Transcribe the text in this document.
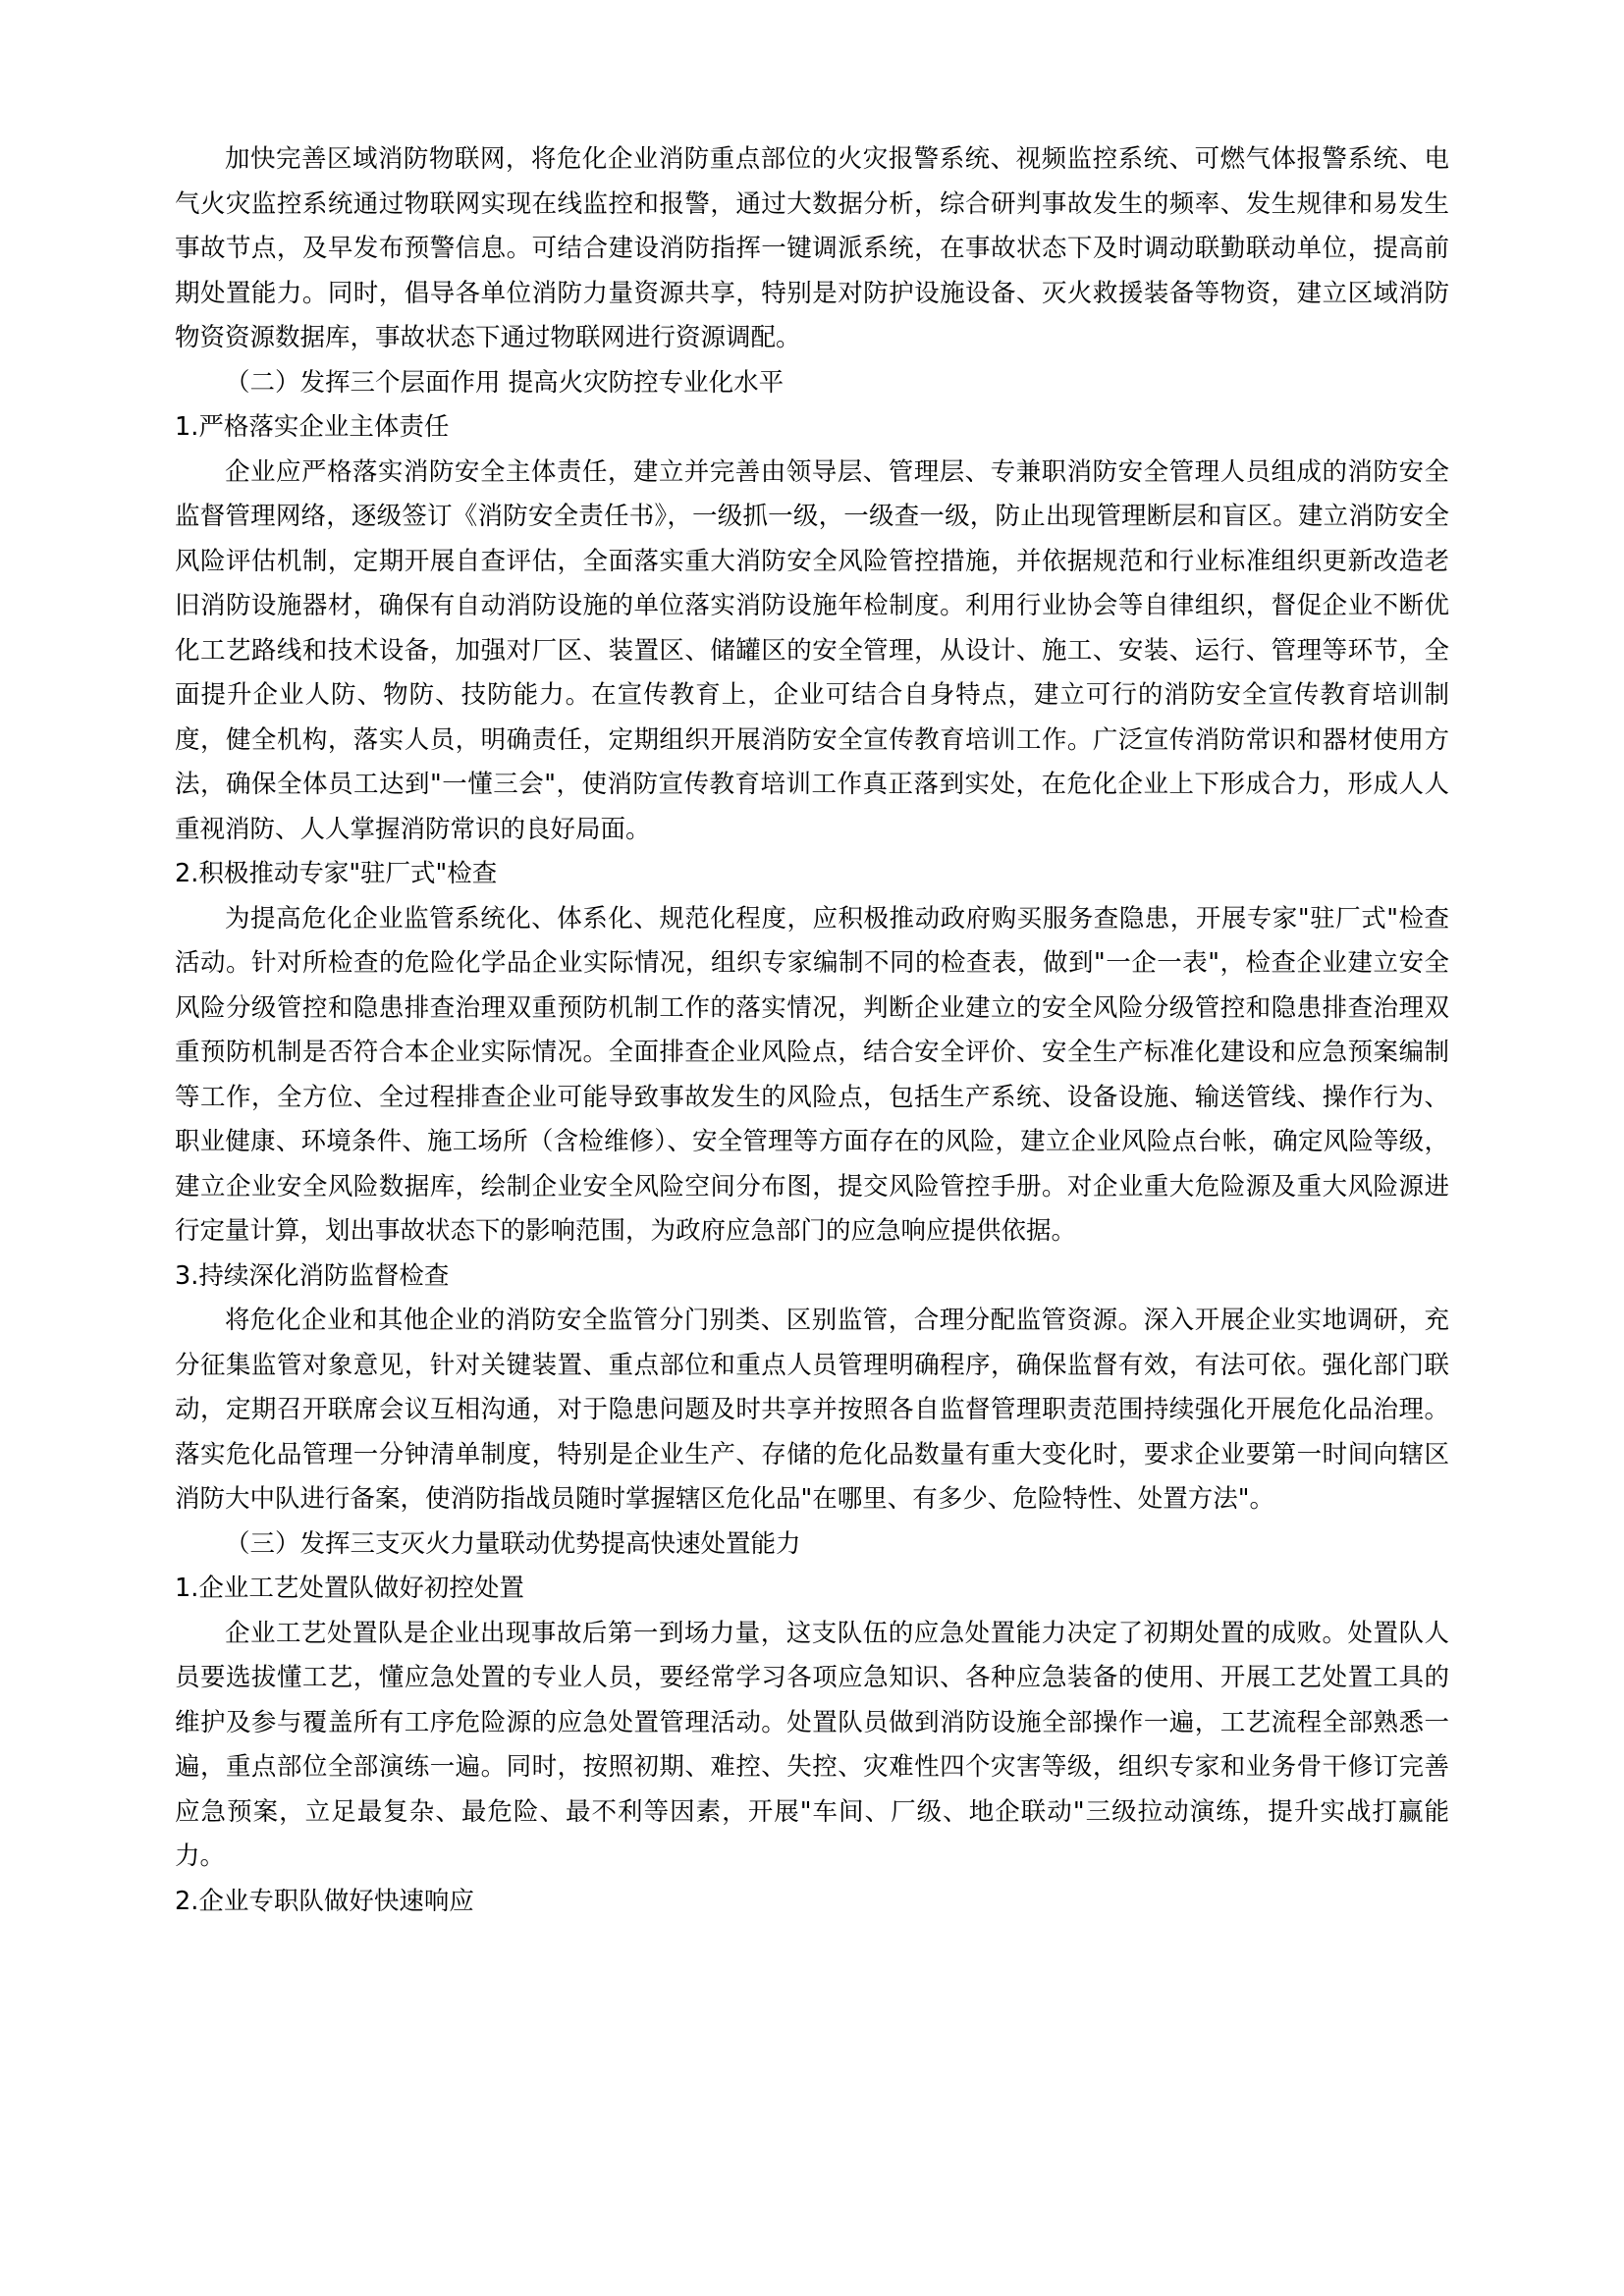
加快完善区域消防物联网，将危化企业消防重点部位的火灾报警系统、视频监控系统、可燃气体报警系统、电气火灾监控系统通过物联网实现在线监控和报警，通过大数据分析，综合研判事故发生的频率、发生规律和易发生事故节点，及早发布预警信息。可结合建设消防指挥一键调派系统，在事故状态下及时调动联勤联动单位，提高前期处置能力。同时，倡导各单位消防力量资源共享，特别是对防护设施设备、灭火救援装备等物资，建立区域消防物资资源数据库，事故状态下通过物联网进行资源调配。

（二）发挥三个层面作用 提高火灾防控专业化水平

1.严格落实企业主体责任

企业应严格落实消防安全主体责任，建立并完善由领导层、管理层、专兼职消防安全管理人员组成的消防安全监督管理网络，逐级签订《消防安全责任书》，一级抓一级，一级查一级，防止出现管理断层和盲区。建立消防安全风险评估机制，定期开展自查评估，全面落实重大消防安全风险管控措施，并依据规范和行业标准组织更新改造老旧消防设施器材，确保有自动消防设施的单位落实消防设施年检制度。利用行业协会等自律组织，督促企业不断优化工艺路线和技术设备，加强对厂区、装置区、储罐区的安全管理，从设计、施工、安装、运行、管理等环节，全面提升企业人防、物防、技防能力。在宣传教育上，企业可结合自身特点，建立可行的消防安全宣传教育培训制度，健全机构，落实人员，明确责任，定期组织开展消防安全宣传教育培训工作。广泛宣传消防常识和器材使用方法，确保全体员工达到"一懂三会"，使消防宣传教育培训工作真正落到实处，在危化企业上下形成合力，形成人人重视消防、人人掌握消防常识的良好局面。

2.积极推动专家"驻厂式"检查

为提高危化企业监管系统化、体系化、规范化程度，应积极推动政府购买服务查隐患，开展专家"驻厂式"检查活动。针对所检查的危险化学品企业实际情况，组织专家编制不同的检查表，做到"一企一表"，检查企业建立安全风险分级管控和隐患排查治理双重预防机制工作的落实情况，判断企业建立的安全风险分级管控和隐患排查治理双重预防机制是否符合本企业实际情况。全面排查企业风险点，结合安全评价、安全生产标准化建设和应急预案编制等工作，全方位、全过程排查企业可能导致事故发生的风险点，包括生产系统、设备设施、输送管线、操作行为、职业健康、环境条件、施工场所（含检维修）、安全管理等方面存在的风险，建立企业风险点台帐，确定风险等级，建立企业安全风险数据库，绘制企业安全风险空间分布图，提交风险管控手册。对企业重大危险源及重大风险源进行定量计算，划出事故状态下的影响范围，为政府应急部门的应急响应提供依据。

3.持续深化消防监督检查

将危化企业和其他企业的消防安全监管分门别类、区别监管，合理分配监管资源。深入开展企业实地调研，充分征集监管对象意见，针对关键装置、重点部位和重点人员管理明确程序，确保监督有效，有法可依。强化部门联动，定期召开联席会议互相沟通，对于隐患问题及时共享并按照各自监督管理职责范围持续强化开展危化品治理。落实危化品管理一分钟清单制度，特别是企业生产、存储的危化品数量有重大变化时，要求企业要第一时间向辖区消防大中队进行备案，使消防指战员随时掌握辖区危化品"在哪里、有多少、危险特性、处置方法"。

（三）发挥三支灭火力量联动优势提高快速处置能力

1.企业工艺处置队做好初控处置

企业工艺处置队是企业出现事故后第一到场力量，这支队伍的应急处置能力决定了初期处置的成败。处置队人员要选拔懂工艺，懂应急处置的专业人员，要经常学习各项应急知识、各种应急装备的使用、开展工艺处置工具的维护及参与覆盖所有工序危险源的应急处置管理活动。处置队员做到消防设施全部操作一遍，工艺流程全部熟悉一遍，重点部位全部演练一遍。同时，按照初期、难控、失控、灾难性四个灾害等级，组织专家和业务骨干修订完善应急预案，立足最复杂、最危险、最不利等因素，开展"车间、厂级、地企联动"三级拉动演练，提升实战打赢能力。

2.企业专职队做好快速响应
